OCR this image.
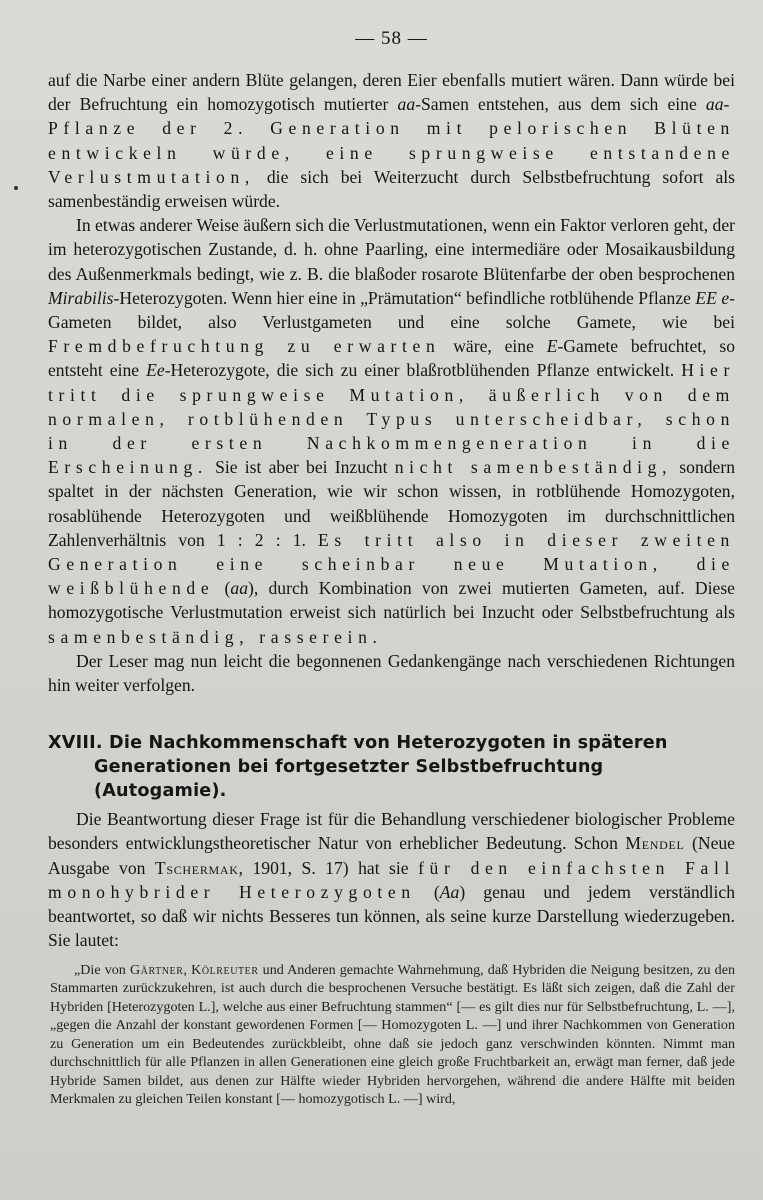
— 58 —

auf die Narbe einer andern Blüte gelangen, deren Eier ebenfalls mutiert wären. Dann würde bei der Befruchtung ein homozygotisch mutierter aa-Samen entstehen, aus dem sich eine aa-Pflanze der 2. Generation mit pelorischen Blüten entwickeln würde, eine sprungweise entstandene Verlustmutation, die sich bei Weiterzucht durch Selbstbefruchtung sofort als samenbeständig erweisen würde.

In etwas anderer Weise äußern sich die Verlustmutationen, wenn ein Faktor verloren geht, der im heterozygotischen Zustande, d. h. ohne Paarling, eine intermediäre oder Mosaikausbildung des Außenmerkmals bedingt, wie z. B. die blaßoder rosarote Blütenfarbe der oben besprochenen Mirabilis-Heterozygoten. Wenn hier eine in „Prämutation“ befindliche rotblühende Pflanze EE e-Gameten bildet, also Verlustgameten und eine solche Gamete, wie bei Fremdbefruchtung zu erwarten wäre, eine E-Gamete befruchtet, so entsteht eine Ee-Heterozygote, die sich zu einer blaßrotblühenden Pflanze entwickelt. Hier tritt die sprungweise Mutation, äußerlich von dem normalen, rotblühenden Typus unterscheidbar, schon in der ersten Nachkommengeneration in die Erscheinung. Sie ist aber bei Inzucht nicht samenbeständig, sondern spaltet in der nächsten Generation, wie wir schon wissen, in rotblühende Homozygoten, rosablühende Heterozygoten und weißblühende Homozygoten im durchschnittlichen Zahlenverhältnis von 1 : 2 : 1. Es tritt also in dieser zweiten Generation eine scheinbar neue Mutation, die weißblühende (aa), durch Kombination von zwei mutierten Gameten, auf. Diese homozygotische Verlustmutation erweist sich natürlich bei Inzucht oder Selbstbefruchtung als samenbeständig, rasserein.

Der Leser mag nun leicht die begonnenen Gedankengänge nach verschiedenen Richtungen hin weiter verfolgen.

XVIII. Die Nachkommenschaft von Heterozygoten in späteren Generationen bei fortgesetzter Selbstbefruchtung (Autogamie).

Die Beantwortung dieser Frage ist für die Behandlung verschiedener biologischer Probleme besonders entwicklungstheoretischer Natur von erheblicher Bedeutung. Schon Mendel (Neue Ausgabe von Tschermak, 1901, S. 17) hat sie für den einfachsten Fall monohybrider Heterozygoten (Aa) genau und jedem verständlich beantwortet, so daß wir nichts Besseres tun können, als seine kurze Darstellung wiederzugeben. Sie lautet:

„Die von Gärtner, Kölreuter und Anderen gemachte Wahrnehmung, daß Hybriden die Neigung besitzen, zu den Stammarten zurückzukehren, ist auch durch die besprochenen Versuche bestätigt. Es läßt sich zeigen, daß die Zahl der Hybriden [Heterozygoten L.], welche aus einer Befruchtung stammen“ [— es gilt dies nur für Selbstbefruchtung, L. —], „gegen die Anzahl der konstant gewordenen Formen [— Homozygoten L. —] und ihrer Nachkommen von Generation zu Generation um ein Bedeutendes zurückbleibt, ohne daß sie jedoch ganz verschwinden könnten. Nimmt man durchschnittlich für alle Pflanzen in allen Generationen eine gleich große Fruchtbarkeit an, erwägt man ferner, daß jede Hybride Samen bildet, aus denen zur Hälfte wieder Hybriden hervorgehen, während die andere Hälfte mit beiden Merkmalen zu gleichen Teilen konstant [— homozygotisch L. —] wird,
